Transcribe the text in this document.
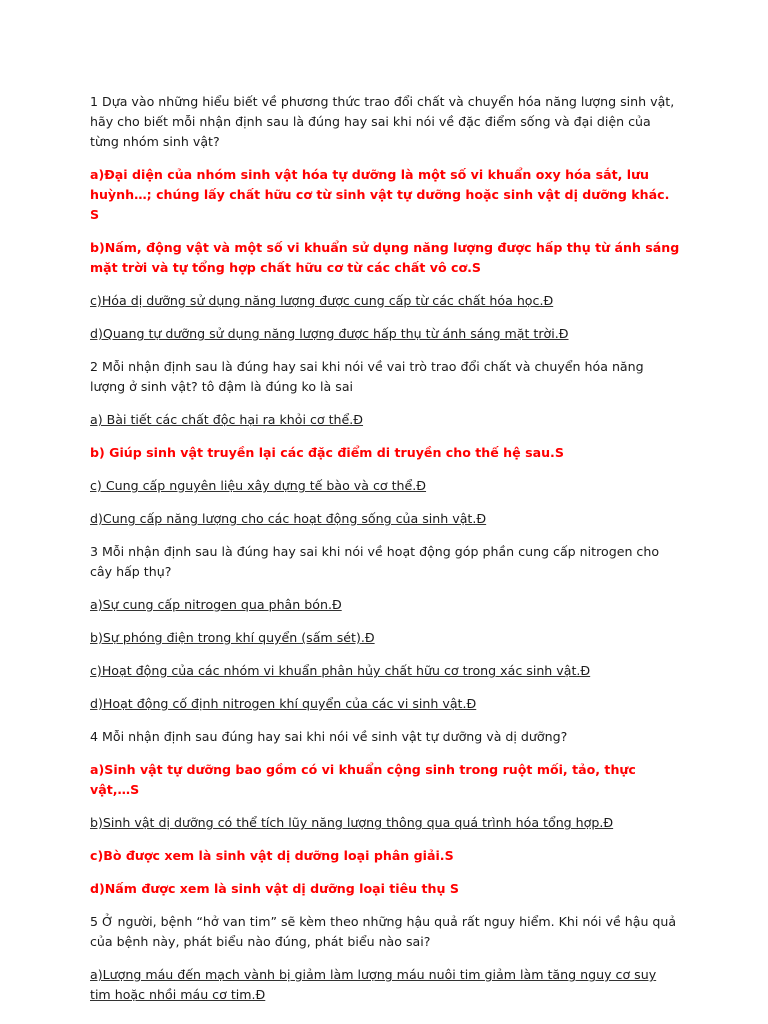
1 Dựa vào những hiểu biết về phương thức trao đổi chất và chuyển hóa năng lượng sinh vật, hãy cho biết mỗi nhận định sau là đúng hay sai khi nói về đặc điểm sống và đại diện của từng nhóm sinh vật?

a)Đại diện của nhóm sinh vật hóa tự dưỡng là một số vi khuẩn oxy hóa sắt, lưu huỳnh…; chúng lấy chất hữu cơ từ sinh vật tự dưỡng hoặc sinh vật dị dưỡng khác. S

b)Nấm, động vật và một số vi khuẩn sử dụng năng lượng được hấp thụ từ ánh sáng mặt trời và tự tổng hợp chất hữu cơ từ các chất vô cơ.S

c)Hóa dị dưỡng sử dụng năng lượng được cung cấp từ các chất hóa học.Đ

d)Quang tự dưỡng sử dụng năng lượng được hấp thụ từ ánh sáng mặt trời.Đ

2 Mỗi nhận định sau là đúng hay sai khi nói về vai trò trao đổi chất và chuyển hóa năng lượng ở sinh vật? tô đậm là đúng ko là sai

a) Bài tiết các chất độc hại ra khỏi cơ thể.Đ

b) Giúp sinh vật truyền lại các đặc điểm di truyền cho thế hệ sau.S

c) Cung cấp nguyên liệu xây dựng tế bào và cơ thể.Đ

d)Cung cấp năng lượng cho các hoạt động sống của sinh vật.Đ

3 Mỗi nhận định sau là đúng hay sai khi nói về hoạt động góp phần cung cấp nitrogen cho cây hấp thụ?

a)Sự cung cấp nitrogen qua phân bón.Đ

b)Sự phóng điện trong khí quyển (sấm sét).Đ

c)Hoạt động của các nhóm vi khuẩn phân hủy chất hữu cơ trong xác sinh vật.Đ

d)Hoạt động cố định nitrogen khí quyển của các vi sinh vật.Đ

4 Mỗi nhận định sau đúng hay sai khi nói về sinh vật tự dưỡng và dị dưỡng?

a)Sinh vật tự dưỡng bao gồm có vi khuẩn cộng sinh trong ruột mối, tảo, thực vật,…S

b)Sinh vật dị dưỡng có thể tích lũy năng lượng thông qua quá trình hóa tổng hợp.Đ

c)Bò được xem là sinh vật dị dưỡng loại phân giải.S

d)Nấm được xem là sinh vật dị dưỡng loại tiêu thụ S

5 Ở người, bệnh “hở van tim” sẽ kèm theo những hậu quả rất nguy hiểm. Khi nói về hậu quả của bệnh này, phát biểu nào đúng, phát biểu nào sai?

a)Lượng máu đến mạch vành bị giảm làm lượng máu nuôi tim giảm làm tăng nguy cơ suy tim hoặc nhồi máu cơ tim.Đ
